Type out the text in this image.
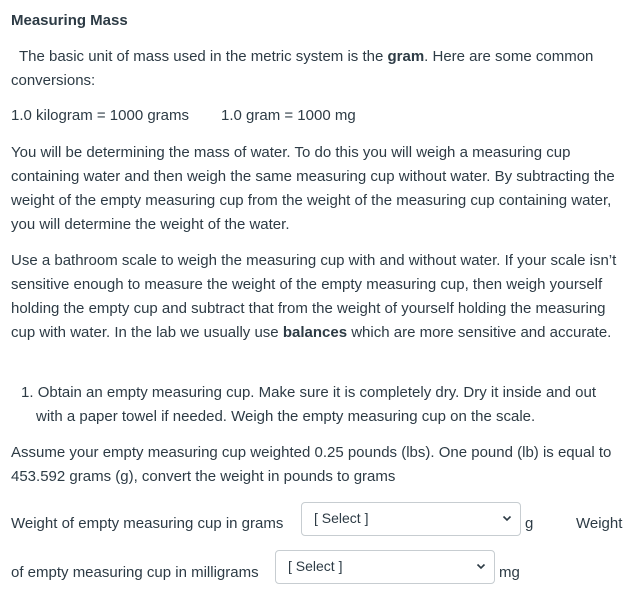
Measuring Mass

The basic unit of mass used in the metric system is the gram. Here are some common conversions:

1.0 kilogram = 1000 grams 1.0 gram = 1000 mg

You will be determining the mass of water. To do this you will weigh a measuring cup containing water and then weigh the same measuring cup without water. By subtracting the weight of the empty measuring cup from the weight of the measuring cup containing water, you will determine the weight of the water.

Use a bathroom scale to weigh the measuring cup with and without water. If your scale isn’t sensitive enough to measure the weight of the empty measuring cup, then weigh yourself holding the empty cup and subtract that from the weight of yourself holding the measuring cup with water. In the lab we usually use balances which are more sensitive and accurate.

1. Obtain an empty measuring cup. Make sure it is completely dry. Dry it inside and out with a paper towel if needed. Weigh the empty measuring cup on the scale.

Assume your empty measuring cup weighted 0.25 pounds (lbs). One pound (lb) is equal to 453.592 grams (g), convert the weight in pounds to grams

Weight of empty measuring cup in grams [ Select ]	g	Weight
of empty measuring cup in milligrams [ Select ]	mg
